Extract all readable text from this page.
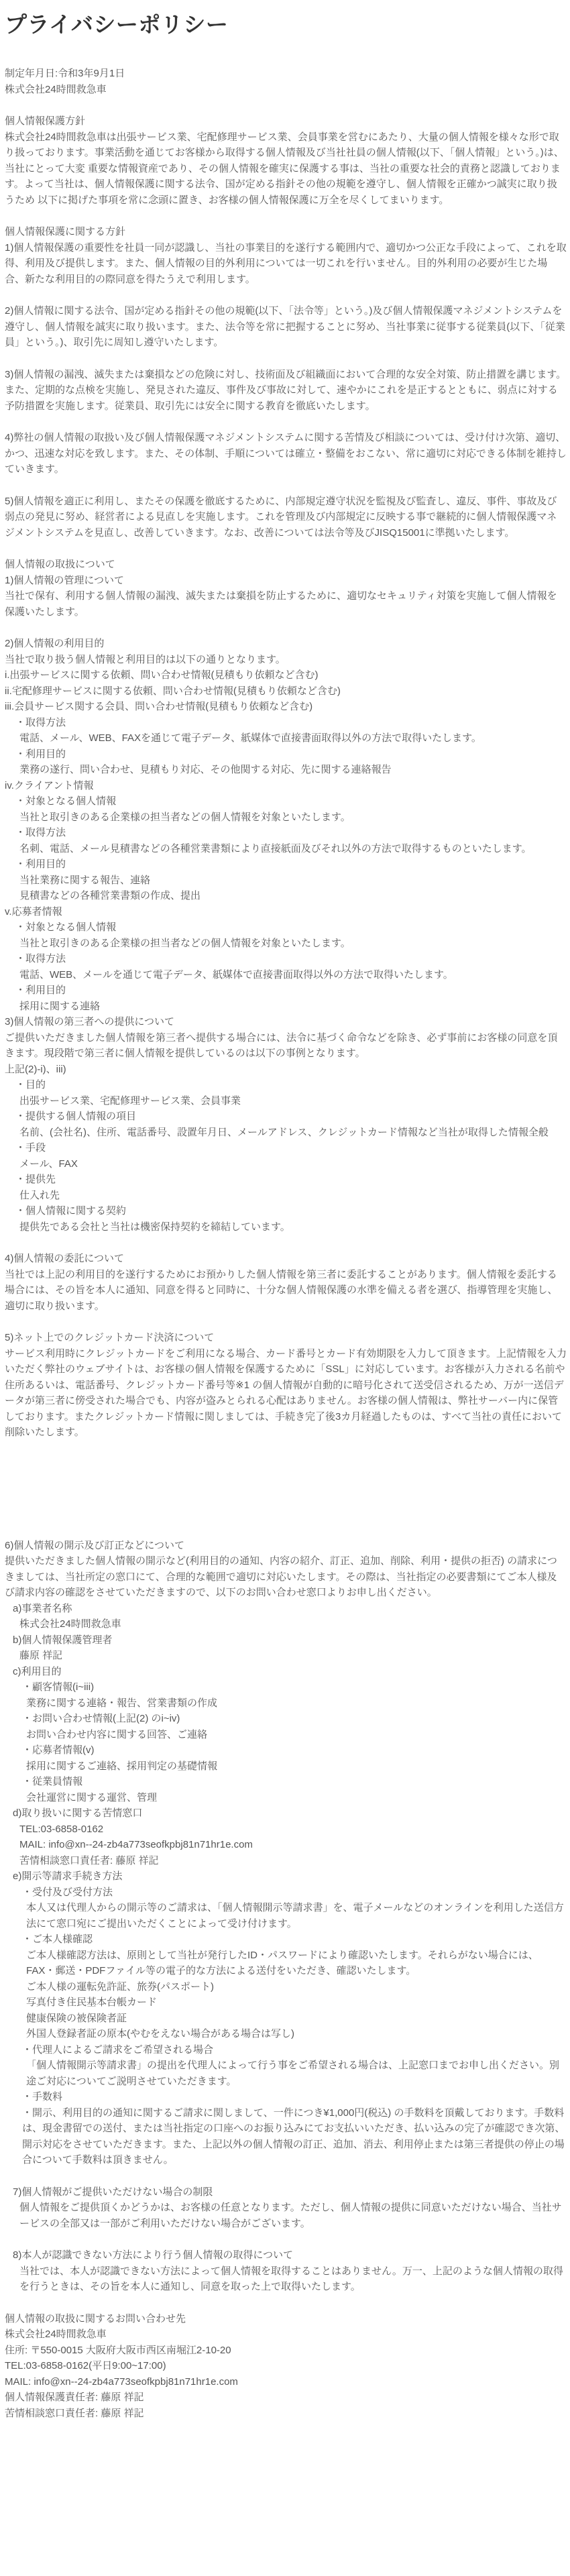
プライバシーポリシー
制定年月日:令和3年9月1日
株式会社24時間救急車
個人情報保護方針
株式会社24時間救急車は出張サービス業、宅配修理サービス業、会員事業を営むにあたり、大量の個人情報を様々な形で取り扱っております。事業活動を通じてお客様から取得する個人情報及び当社社員の個人情報(以下、「個人情報」という。)は、当社にとって大変 重要な情報資産であり、その個人情報を確実に保護する事は、当社の重要な社会的責務と認識しております。よって当社は、個人情報保護に関する法令、国が定める指針その他の規範を遵守し、個人情報を正確かつ誠実に取り扱うため 以下に掲げた事項を常に念頭に置き、お客様の個人情報保護に万全を尽くしてまいります。
個人情報保護に関する方針
1)個人情報保護の重要性を社員一同が認識し、当社の事業目的を遂行する範囲内で、適切かつ公正な手段によって、これを取得、利用及び提供します。また、個人情報の目的外利用については一切これを行いません。目的外利用の必要が生じた場合、新たな利用目的の際同意を得たうえで利用します。
2)個人情報に関する法令、国が定める指針その他の規範(以下、「法令等」という。)及び個人情報保護マネジメントシステムを遵守し、個人情報を誠実に取り扱います。また、法令等を常に把握することに努め、当社事業に従事する従業員(以下、「従業員」という。)、取引先に周知し遵守いたします。
3)個人情報の漏洩、滅失または棄損などの危険に対し、技術面及び組織面において合理的な安全対策、防止措置を講じます。また、定期的な点検を実施し、発見された違反、事件及び事故に対して、速やかにこれを是正するとともに、弱点に対する予防措置を実施します。従業員、取引先には安全に関する教育を徹底いたします。
4)弊社の個人情報の取扱い及び個人情報保護マネジメントシステムに関する苦情及び相談については、受け付け次第、適切、かつ、迅速な対応を致します。また、その体制、手順については確立・整備をおこない、常に適切に対応できる体制を維持していきます。
5)個人情報を適正に利用し、またその保護を徹底するために、内部規定遵守状況を監視及び監査し、違反、事件、事故及び弱点の発見に努め、経営者による見直しを実施します。これを管理及び内部規定に反映する事で継続的に個人情報保護マネジメントシステムを見直し、改善していきます。なお、改善については法令等及びJISQ15001に準拠いたします。
個人情報の取扱について
1)個人情報の管理について
当社で保有、利用する個人情報の漏洩、滅失または棄損を防止するために、適切なセキュリティ対策を実施して個人情報を保護いたします。
2)個人情報の利用目的
当社で取り扱う個人情報と利用目的は以下の通りとなります。
i.出張サービスに関する依頼、問い合わせ情報(見積もり依頼など含む)
ii.宅配修理サービスに関する依頼、問い合わせ情報(見積もり依頼など含む)
iii.会員サービス関する会員、問い合わせ情報(見積もり依頼など含む)
・取得方法
電話、メール、WEB、FAXを通じて電子データ、紙媒体で直接書面取得以外の方法で取得いたします。
・利用目的
業務の遂行、問い合わせ、見積もり対応、その他関する対応、先に関する連絡報告
iv.クライアント情報
・対象となる個人情報
当社と取引きのある企業様の担当者などの個人情報を対象といたします。
・取得方法
名刺、電話、メール見積書などの各種営業書類により直接紙面及びそれ以外の方法で取得するものといたします。
・利用目的
当社業務に関する報告、連絡
見積書などの各種営業書類の作成、提出
v.応募者情報
・対象となる個人情報
当社と取引きのある企業様の担当者などの個人情報を対象といたします。
・取得方法
電話、WEB、メールを通じて電子データ、紙媒体で直接書面取得以外の方法で取得いたします。
・利用目的
採用に関する連絡
3)個人情報の第三者への提供について
ご提供いただきました個人情報を第三者へ提供する場合には、法令に基づく命令などを除き、必ず事前にお客様の同意を頂きます。現段階で第三者に個人情報を提供しているのは以下の事例となります。
上記(2)-i)、iii)
・目的
出張サービス業、宅配修理サービス業、会員事業
・提供する個人情報の項目
名前、(会社名)、住所、電話番号、設置年月日、メールアドレス、クレジットカード情報など当社が取得した情報全般
・手段
メール、FAX
・提供先
仕入れ先
・個人情報に関する契約
提供先である会社と当社は機密保持契約を締結しています。
4)個人情報の委託について
当社では上記の利用目的を遂行するためにお預かりした個人情報を第三者に委託することがあります。個人情報を委託する場合には、その旨を本人に通知、同意を得ると同時に、十分な個人情報保護の水準を備える者を選び、指導管理を実施し、適切に取り扱います。
5)ネット上でのクレジットカード決済について
サービス利用時にクレジットカードをご利用になる場合、カード番号とカード有効期限を入力して頂きます。上記情報を入力いただく弊社のウェブサイトは、お客様の個人情報を保護するために「SSL」に対応しています。お客様が入力される名前や住所あるいは、電話番号、クレジットカード番号等※1 の個人情報が自動的に暗号化されて送受信されるため、万が一送信データが第三者に傍受された場合でも、内容が盗みとられる心配はありません。お客様の個人情報は、弊社サーバー内に保管しております。またクレジットカード情報に関しましては、手続き完了後3カ月経過したものは、すべて当社の責任において削除いたします。
6)個人情報の開示及び訂正などについて
提供いただきました個人情報の開示など(利用目的の通知、内容の紹介、訂正、追加、削除、利用・提供の拒否) の請求につきましては、当社所定の窓口にて、合理的な範囲で適切に対応いたします。その際は、当社指定の必要書類にてご本人様及び請求内容の確認をさせていただきますので、以下のお問い合わせ窓口よりお申し出ください。
a)事業者名称
株式会社24時間救急車
b)個人情報保護管理者
藤原 祥記
c)利用目的
・顧客情報(i~iii)
業務に関する連絡・報告、営業書類の作成
・お問い合わせ情報(上記(2) のi~iv)
お問い合わせ内容に関する回答、ご連絡
・応募者情報(v)
採用に関するご連絡、採用判定の基礎情報
・従業員情報
会社運営に関する運営、管理
d)取り扱いに関する苦情窓口
TEL:03-6858-0162
MAIL: info@xn--24-zb4a773seofkpbj81n71hr1e.com
苦情相談窓口責任者: 藤原 祥記
e)開示等請求手続き方法
・受付及び受付方法
本人又は代理人からの開示等のご請求は、「個人情報開示等請求書」を、電子メールなどのオンラインを利用した送信方法にて窓口宛にご提出いただくことによって受け付けます。
・ご本人様確認
ご本人様確認方法は、原則として当社が発行したID・パスワードにより確認いたします。それらがない場合には、FAX・郵送・PDFファイル等の電子的な方法による送付をいただき、確認いたします。
ご本人様の運転免許証、旅券(パスポート)
写真付き住民基本台帳カード
健康保険の被保険者証
外国人登録者証の原本(やむをえない場合がある場合は写し)
・代理人によるご請求をご希望される場合
「個人情報開示等請求書」の提出を代理人によって行う事をご希望される場合は、上記窓口までお申し出ください。別途ご対応についてご説明させていただきます。
・手数料
・開示、利用目的の通知に関するご請求に関しまして、一件につき¥1,000円(税込) の手数料を頂戴しております。手数料は、現金書留での送付、または当社指定の口座へのお振り込みにてお支払いいただき、払い込みの完了が確認でき次第、開示対応をさせていただきます。また、上記以外の個人情報の訂正、追加、消去、利用停止または第三者提供の停止の場合について手数料は頂きません。
7)個人情報がご提供いただけない場合の制限
個人情報をご提供頂くかどうかは、お客様の任意となります。ただし、個人情報の提供に同意いただけない場合、当社サービスの全部又は一部がご利用いただけない場合がございます。
8)本人が認識できない方法により行う個人情報の取得について
当社では、本人が認識できない方法によって個人情報を取得することはありません。万一、上記のような個人情報の取得を行うときは、その旨を本人に通知し、同意を取った上で取得いたします。
個人情報の取扱に関するお問い合わせ先
株式会社24時間救急車
住所: 〒550-0015 大阪府大阪市西区南堀江2-10-20
TEL:03-6858-0162(平日9:00~17:00)
MAIL: info@xn--24-zb4a773seofkpbj81n71hr1e.com
個人情報保護責任者: 藤原 祥記
苦情相談窓口責任者: 藤原 祥記
